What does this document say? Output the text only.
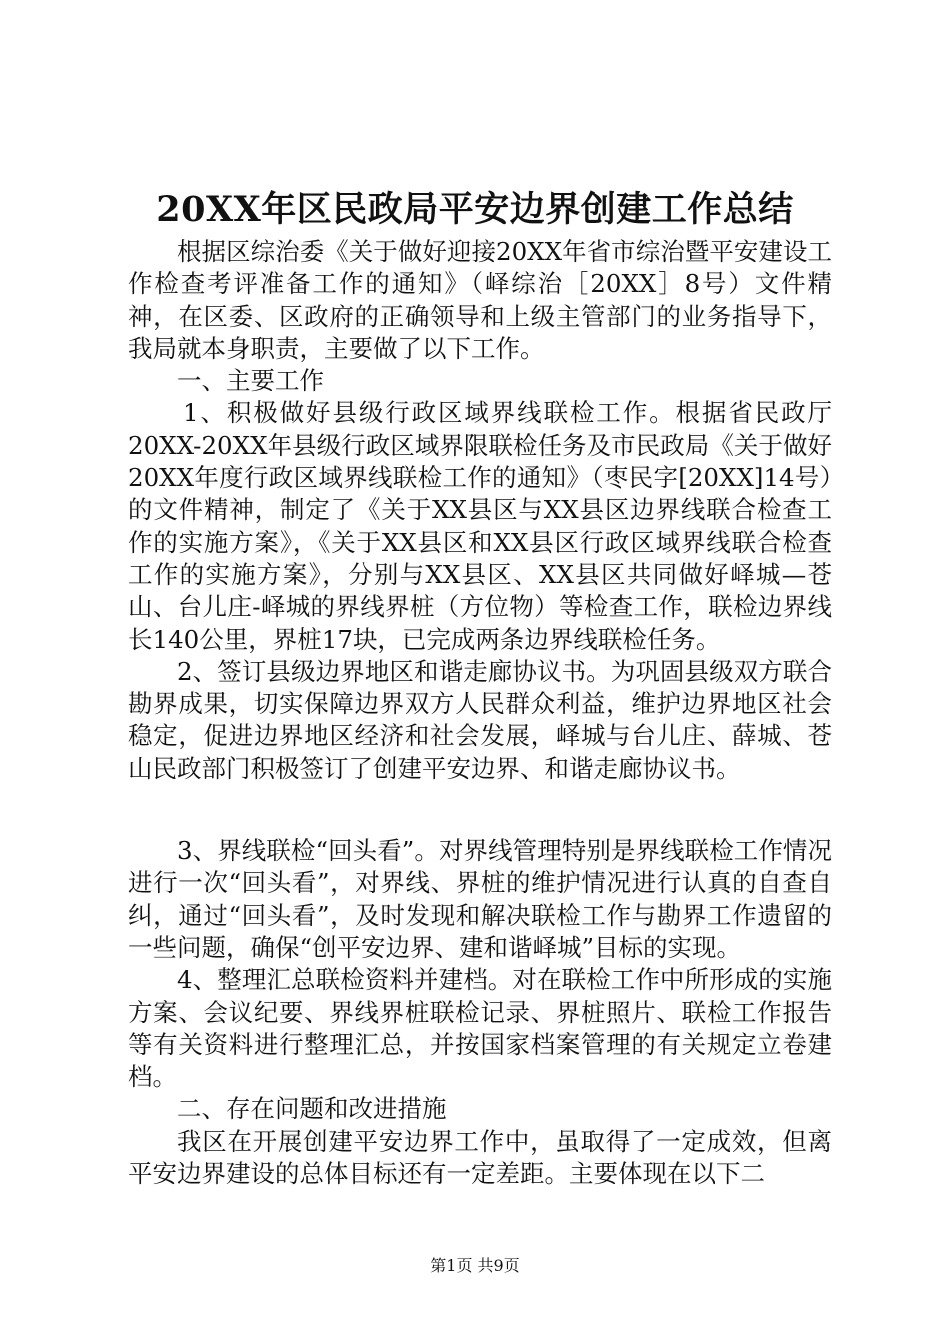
20XX年区民政局平安边界创建工作总结

根据区综治委《关于做好迎接20XX年省市综治暨平安建设工作检查考评准备工作的通知》（峄综治［20XX］8号）文件精神，在区委、区政府的正确领导和上级主管部门的业务指导下，我局就本身职责，主要做了以下工作。

一、主要工作

1、积极做好县级行政区域界线联检工作。根据省民政厅20XX-20XX年县级行政区域界限联检任务及市民政局《关于做好20XX年度行政区域界线联检工作的通知》（枣民字[20XX]14号）的文件精神，制定了《关于XX县区与XX县区边界线联合检查工作的实施方案》，《关于XX县区和XX县区行政区域界线联合检查工作的实施方案》，分别与XX县区、XX县区共同做好峄城—苍山、台儿庄-峄城的界线界桩（方位物）等检查工作，联检边界线长140公里，界桩17块，已完成两条边界线联检任务。

2、签订县级边界地区和谐走廊协议书。为巩固县级双方联合勘界成果，切实保障边界双方人民群众利益，维护边界地区社会稳定，促进边界地区经济和社会发展，峄城与台儿庄、薛城、苍山民政部门积极签订了创建平安边界、和谐走廊协议书。

3、界线联检“回头看”。对界线管理特别是界线联检工作情况进行一次“回头看”，对界线、界桩的维护情况进行认真的自查自纠，通过“回头看”，及时发现和解决联检工作与勘界工作遗留的一些问题，确保“创平安边界、建和谐峄城”目标的实现。

4、整理汇总联检资料并建档。对在联检工作中所形成的实施方案、会议纪要、界线界桩联检记录、界桩照片、联检工作报告等有关资料进行整理汇总，并按国家档案管理的有关规定立卷建档。

二、存在问题和改进措施

我区在开展创建平安边界工作中，虽取得了一定成效，但离平安边界建设的总体目标还有一定差距。主要体现在以下二

第1页 共9页
